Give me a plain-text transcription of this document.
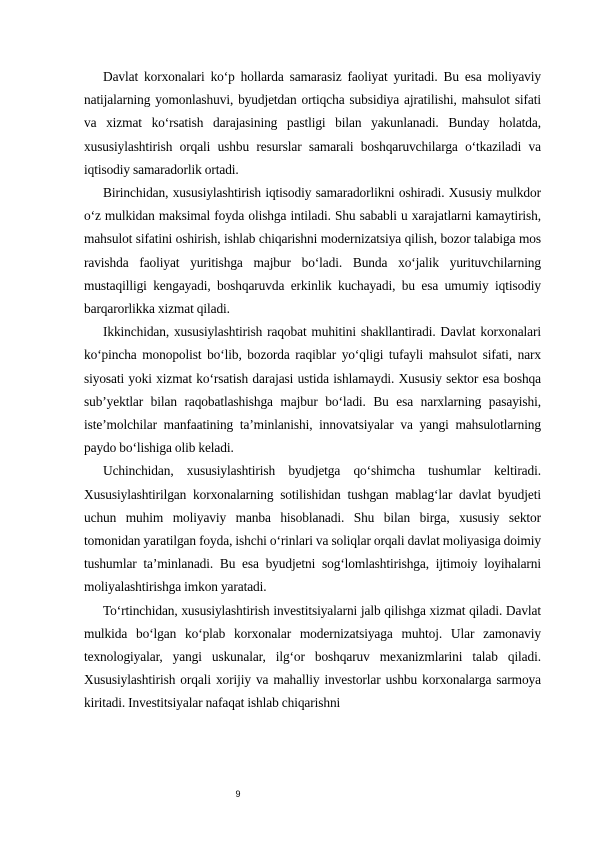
Davlat korxonalari ko‘p hollarda samarasiz faoliyat yuritadi. Bu esa moliyaviy natijalarning yomonlashuvi, byudjetdan ortiqcha subsidiya ajratilishi, mahsulot sifati va xizmat ko‘rsatish darajasining pastligi bilan yakunlanadi. Bunday holatda, xususiylashtirish orqali ushbu resurslar samarali boshqaruvchilarga o‘tkaziladi va iqtisodiy samaradorlik ortadi.

Birinchidan, xususiylashtirish iqtisodiy samaradorlikni oshiradi. Xususiy mulkdor o‘z mulkidan maksimal foyda olishga intiladi. Shu sababli u xarajatlarni kamaytirish, mahsulot sifatini oshirish, ishlab chiqarishni modernizatsiya qilish, bozor talabiga mos ravishda faoliyat yuritishga majbur bo‘ladi. Bunda xo‘jalik yurituvchilarning mustaqilligi kengayadi, boshqaruvda erkinlik kuchayadi, bu esa umumiy iqtisodiy barqarorlikka xizmat qiladi.

Ikkinchidan, xususiylashtirish raqobat muhitini shakllantiradi. Davlat korxonalari ko‘pincha monopolist bo‘lib, bozorda raqiblar yo‘qligi tufayli mahsulot sifati, narx siyosati yoki xizmat ko‘rsatish darajasi ustida ishlamaydi. Xususiy sektor esa boshqa sub’yektlar bilan raqobatlashishga majbur bo‘ladi. Bu esa narxlarning pasayishi, iste’molchilar manfaatining ta’minlanishi, innovatsiyalar va yangi mahsulotlarning paydo bo‘lishiga olib keladi.

Uchinchidan, xususiylashtirish byudjetga qo‘shimcha tushumlar keltiradi. Xususiylashtirilgan korxonalarning sotilishidan tushgan mablag‘lar davlat byudjeti uchun muhim moliyaviy manba hisoblanadi. Shu bilan birga, xususiy sektor tomonidan yaratilgan foyda, ishchi o‘rinlari va soliqlar orqali davlat moliyasiga doimiy tushumlar ta’minlanadi. Bu esa byudjetni sog‘lomlashtirishga, ijtimoiy loyihalarni moliyalashtirishga imkon yaratadi.

To‘rtinchidan, xususiylashtirish investitsiyalarni jalb qilishga xizmat qiladi. Davlat mulkida bo‘lgan ko‘plab korxonalar modernizatsiyaga muhtoj. Ular zamonaviy texnologiyalar, yangi uskunalar, ilg‘or boshqaruv mexanizmlarini talab qiladi. Xususiylashtirish orqali xorijiy va mahalliy investorlar ushbu korxonalarga sarmoya kiritadi. Investitsiyalar nafaqat ishlab chiqarishni

9
